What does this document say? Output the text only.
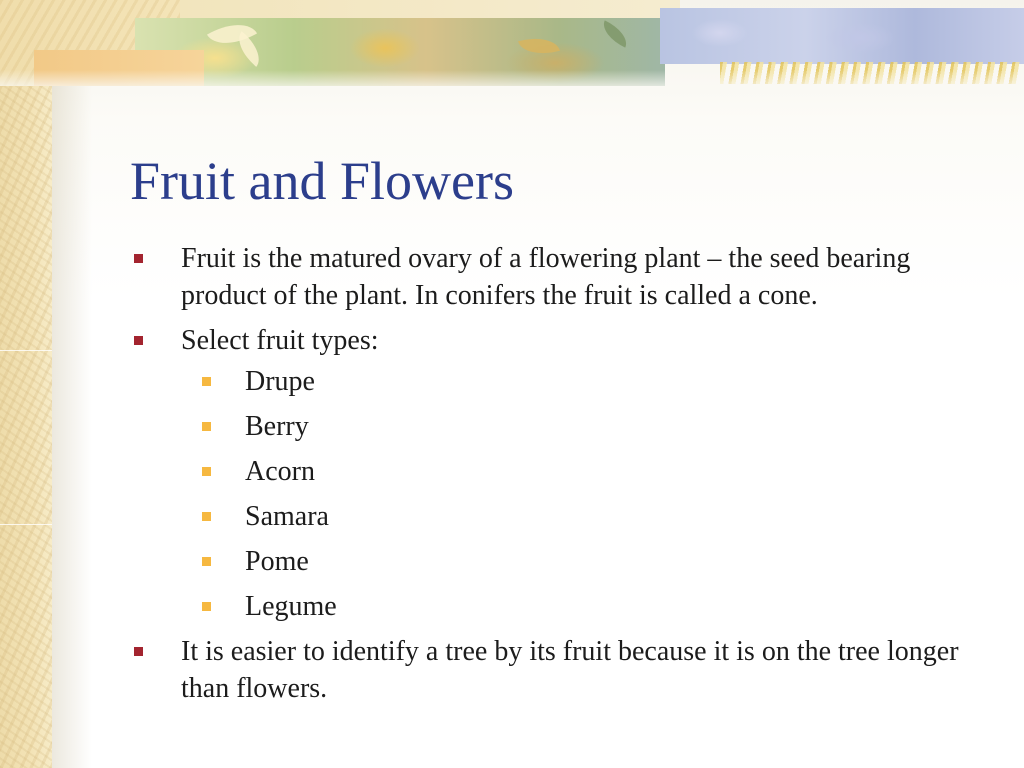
Fruit and Flowers
Fruit is the matured ovary of a flowering plant – the seed bearing product of the plant. In conifers the fruit is called a cone.
Select fruit types:
Drupe
Berry
Acorn
Samara
Pome
Legume
It is easier to identify a tree by its fruit because it is on the tree longer than flowers.
